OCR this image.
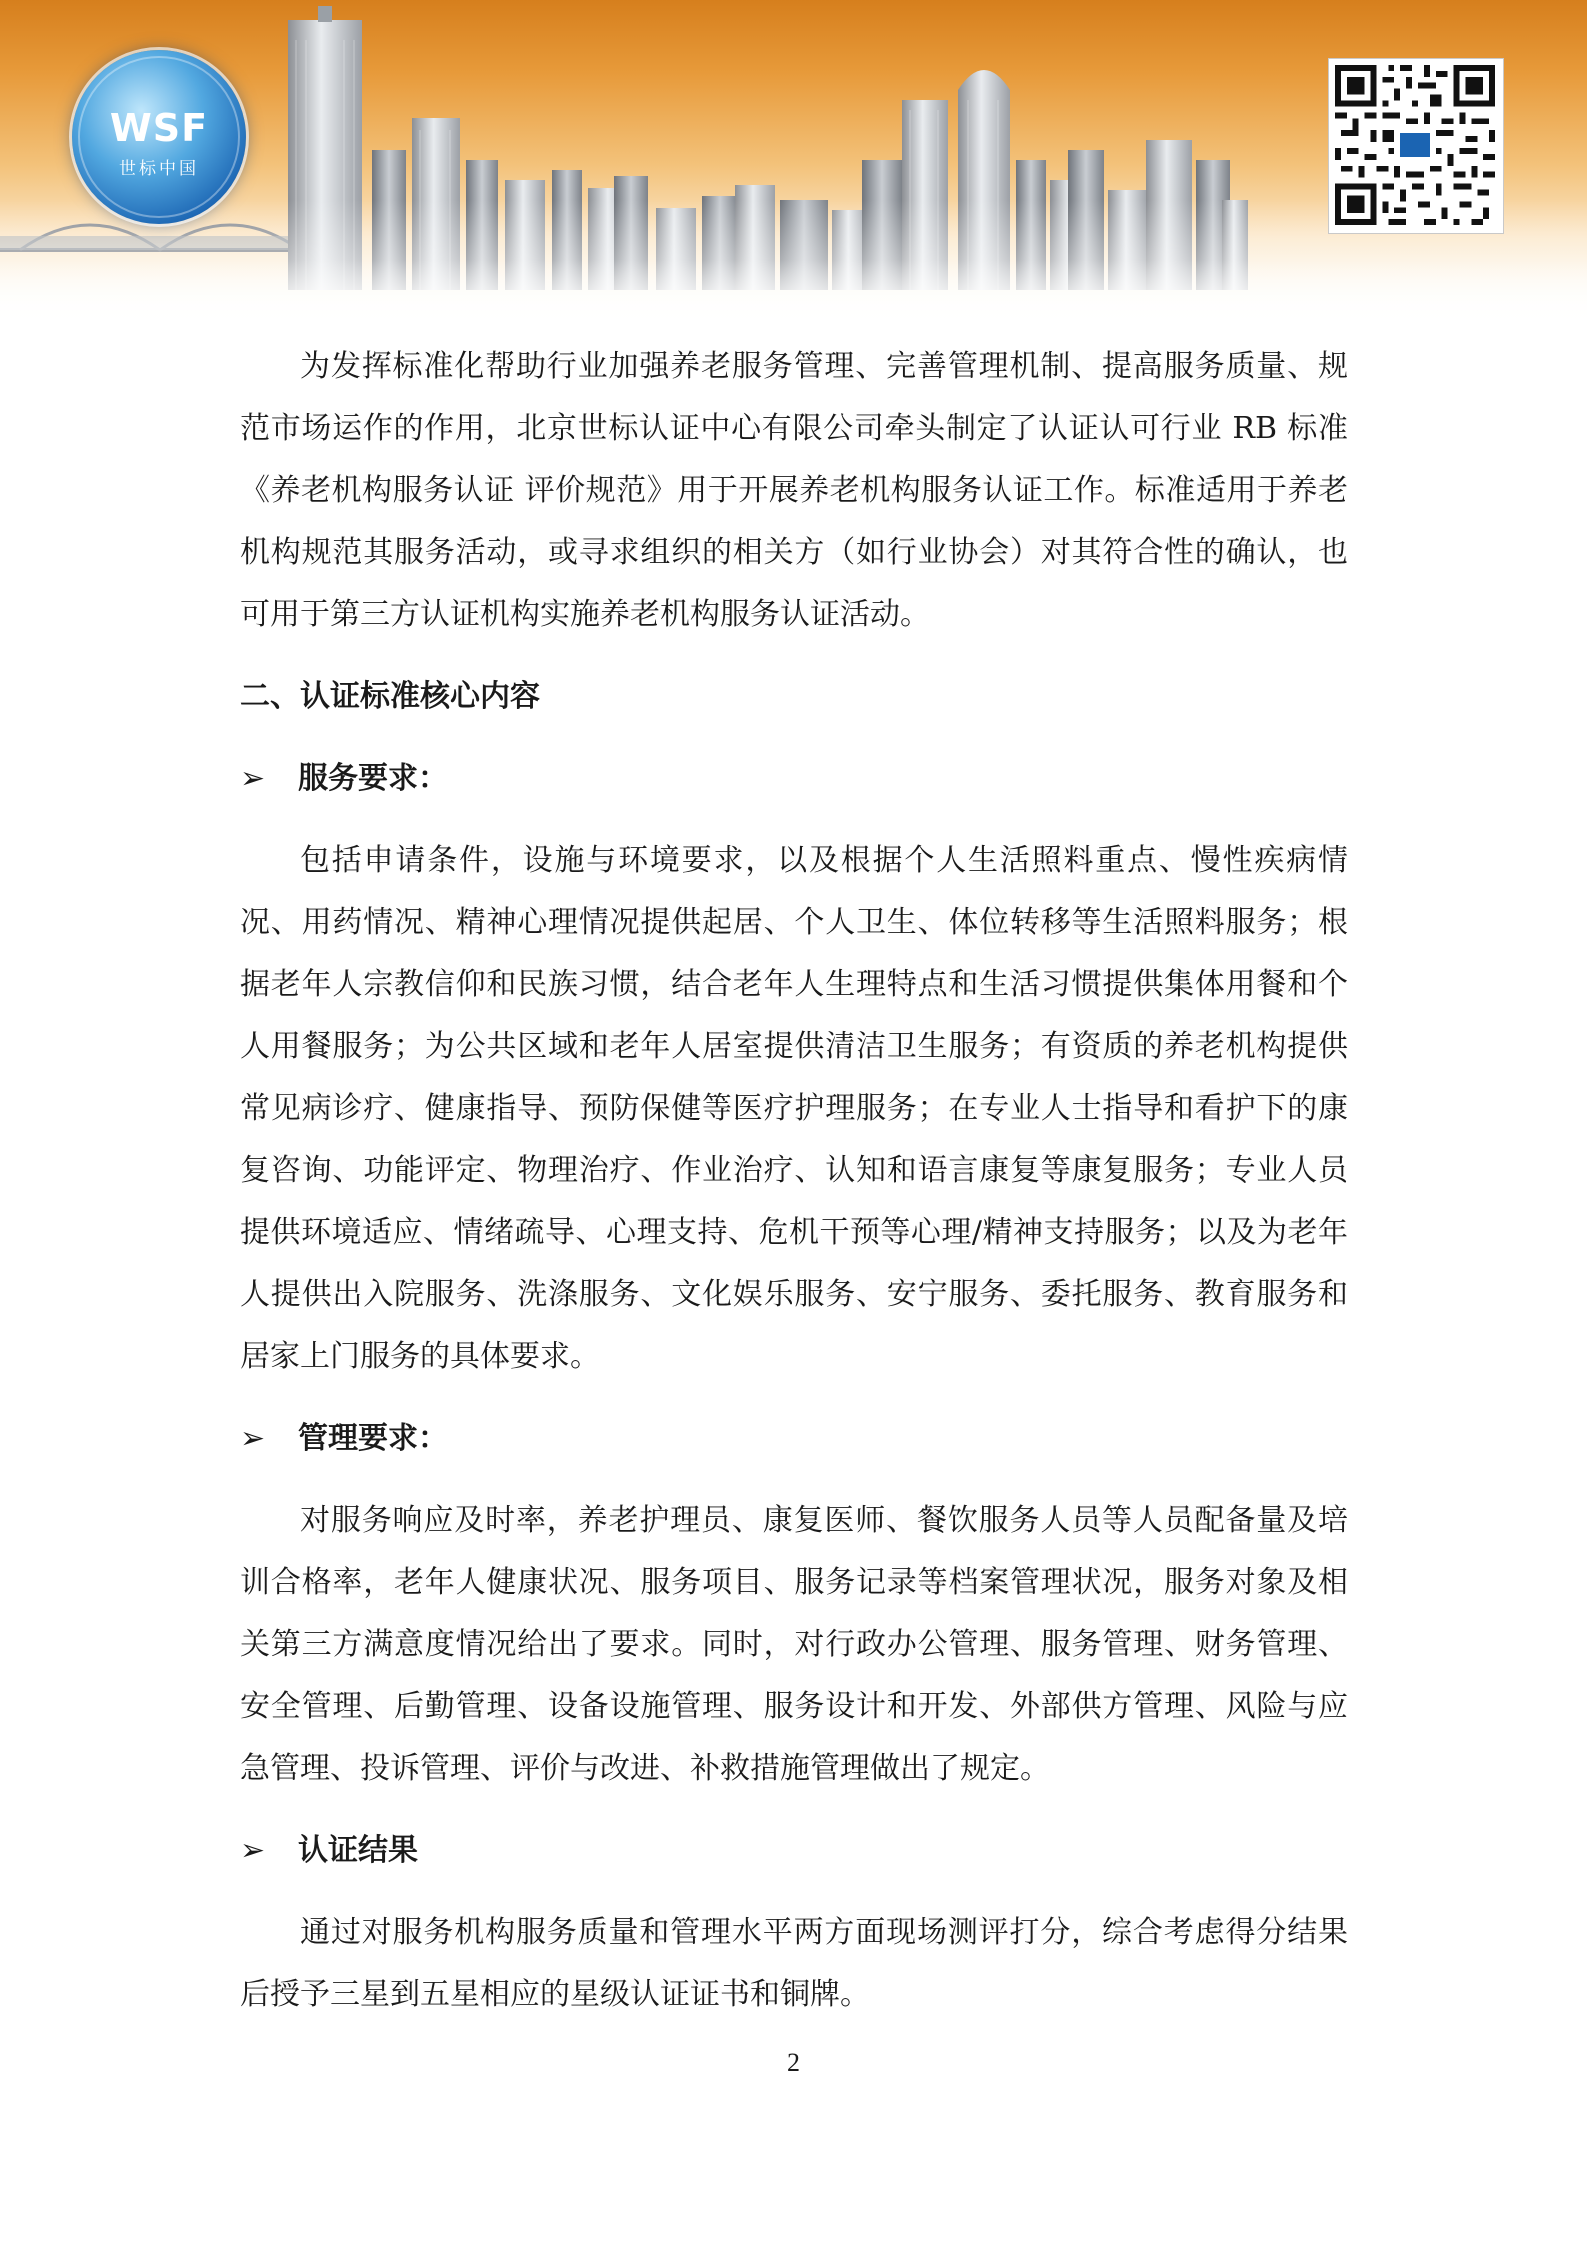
WSF
世标中国

为发挥标准化帮助行业加强养老服务管理、完善管理机制、提高服务质量、规范市场运作的作用，北京世标认证中心有限公司牵头制定了认证认可行业 RB 标准《养老机构服务认证 评价规范》用于开展养老机构服务认证工作。标准适用于养老机构规范其服务活动，或寻求组织的相关方（如行业协会）对其符合性的确认，也可用于第三方认证机构实施养老机构服务认证活动。

二、认证标准核心内容
➢ 服务要求：

包括申请条件，设施与环境要求，以及根据个人生活照料重点、慢性疾病情况、用药情况、精神心理情况提供起居、个人卫生、体位转移等生活照料服务；根据老年人宗教信仰和民族习惯，结合老年人生理特点和生活习惯提供集体用餐和个人用餐服务；为公共区域和老年人居室提供清洁卫生服务；有资质的养老机构提供常见病诊疗、健康指导、预防保健等医疗护理服务；在专业人士指导和看护下的康复咨询、功能评定、物理治疗、作业治疗、认知和语言康复等康复服务；专业人员提供环境适应、情绪疏导、心理支持、危机干预等心理/精神支持服务；以及为老年人提供出入院服务、洗涤服务、文化娱乐服务、安宁服务、委托服务、教育服务和居家上门服务的具体要求。

➢ 管理要求：

对服务响应及时率，养老护理员、康复医师、餐饮服务人员等人员配备量及培训合格率，老年人健康状况、服务项目、服务记录等档案管理状况，服务对象及相关第三方满意度情况给出了要求。同时，对行政办公管理、服务管理、财务管理、安全管理、后勤管理、设备设施管理、服务设计和开发、外部供方管理、风险与应急管理、投诉管理、评价与改进、补救措施管理做出了规定。

➢ 认证结果

通过对服务机构服务质量和管理水平两方面现场测评打分，综合考虑得分结果后授予三星到五星相应的星级认证证书和铜牌。

2
